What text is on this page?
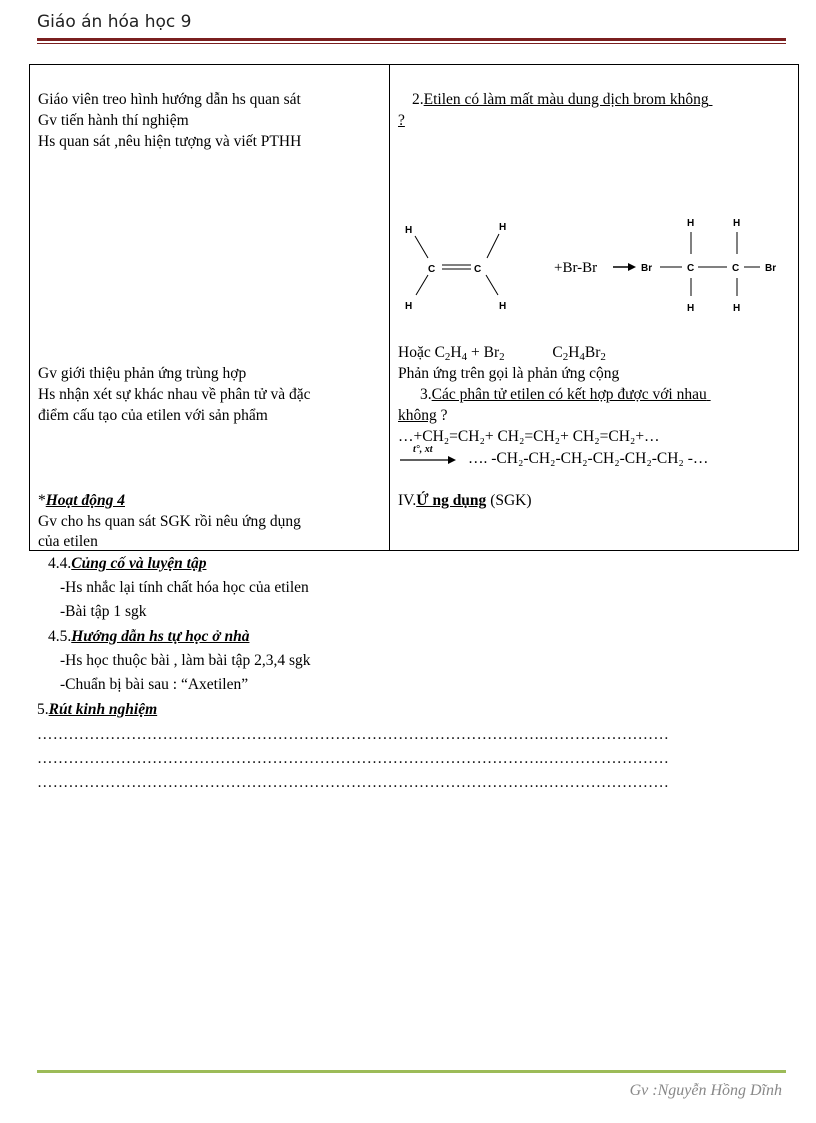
Giáo án hóa học 9
Giáo viên treo hình hướng dẫn hs quan sát
Gv tiến hành thí nghiệm
Hs quan sát ,nêu hiện tượng và viết PTHH
Gv giới thiệu phản ứng trùng hợp
Hs nhận xét sự khác nhau về phân tử và đặc
điểm cấu tạo của etilen với sản phẩm
*Hoạt động 4
Gv cho hs quan sát SGK rồi nêu ứng dụng
của etilen
2.Etilen có làm mất màu dung dịch brom không
?
H	H
H	H
C	C	+Br-Br	Br	C	C	Br
H	H
H	H
Hoặc $C_2H_4 + Br_2$	$C_2H_4Br_2$
Phản ứng trên gọi là phản ứng cộng
3.Các phân tử etilen có kết hợp được với nhau
không ?
…+CH₂=CH₂+ CH₂=CH₂+ CH₂=CH₂+…
t°, xt
…. -CH₂-CH₂-CH₂-CH₂-CH₂-CH₂ -…
IV.Ứ ng dụng (SGK)
4.4.Củng cố và luyện tập
-Hs nhắc lại tính chất hóa học của etilen
-Bài tập 1 sgk
4.5.Hướng dẫn hs tự học ở nhà
-Hs học thuộc bài , làm bài tập 2,3,4 sgk
-Chuẩn bị bài sau : “Axetilen”
5.Rút kinh nghiệm
…………………………………………………………………………………….……………………
…………………………………………………………………………………….……………………
…………………………………………………………………………………….……………………
Gv :Nguyễn Hồng Dĩnh
